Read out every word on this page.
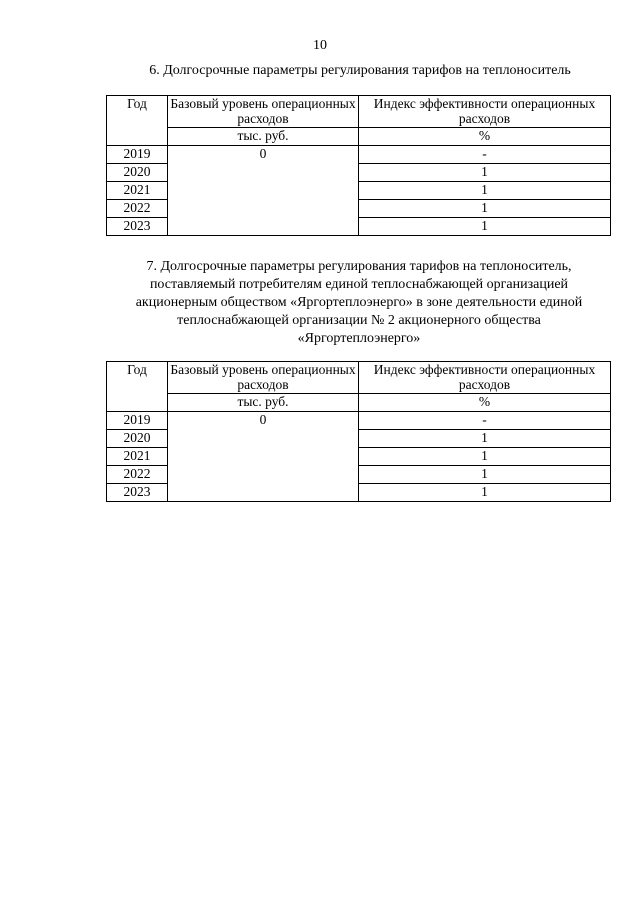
10
6. Долгосрочные параметры регулирования тарифов на теплоноситель
Год	Базовый уровень операционных расходов	Индекс эффективности операционных расходов
	тыс. руб.	%
2019	0	-
2020		1
2021		1
2022		1
2023		1
7. Долгосрочные параметры регулирования тарифов на теплоноситель,
поставляемый потребителям единой теплоснабжающей организацией
акционерным обществом «Яргортеплоэнерго» в зоне деятельности единой
теплоснабжающей организации № 2 акционерного общества
«Яргортеплоэнерго»
Год	Базовый уровень операционных расходов	Индекс эффективности операционных расходов
	тыс. руб.	%
2019	0	-
2020		1
2021		1
2022		1
2023		1
